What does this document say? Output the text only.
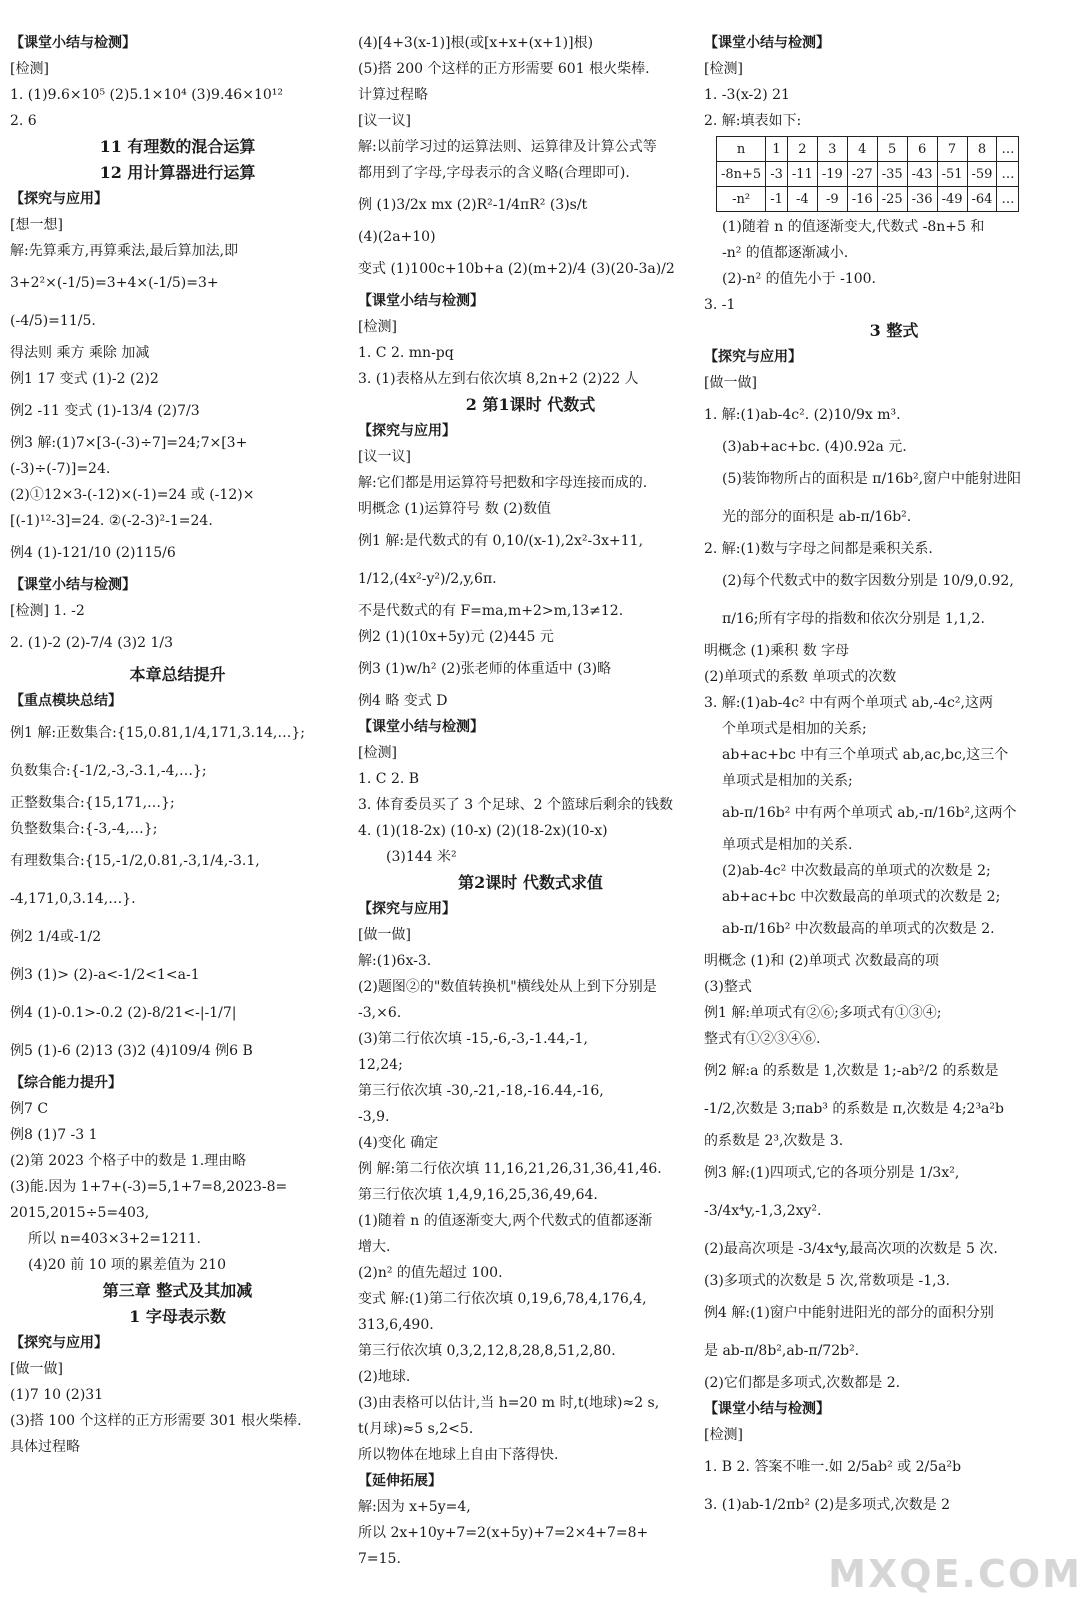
【课堂小结与检测】
[检测]
1. (1)9.6×10⁵ (2)5.1×10⁴ (3)9.46×10¹²
2. 6
11 有理数的混合运算
12 用计算器进行运算
【探究与应用】
[想一想]
解:先算乘方,再算乘法,最后算加法,即
3+2²×(-1/5)=3+4×(-1/5)=3+
(-4/5)=11/5.
得法则 乘方 乘除 加减
例1 17 变式 (1)-2 (2)2
例2 -11 变式 (1)-13/4 (2)7/3
例3 解:(1)7×[3-(-3)÷7]=24;7×[3+
(-3)÷(-7)]=24.
(2)①12×3-(-12)×(-1)=24 或 (-12)×
[(-1)¹²-3]=24. ②(-2-3)²-1=24.
例4 (1)-121/10 (2)115/6
【课堂小结与检测】
[检测] 1. -2
2. (1)-2 (2)-7/4 (3)2 1/3
本章总结提升
【重点模块总结】
例1 解:正数集合:{15,0.81,1/4,171,3.14,…};
负数集合:{-1/2,-3,-3.1,-4,…};
正整数集合:{15,171,…};
负整数集合:{-3,-4,…};
有理数集合:{15,-1/2,0.81,-3,1/4,-3.1,
-4,171,0,3.14,…}.
例2 1/4或-1/2
例3 (1)> (2)-a<-1/2<1<a-1
例4 (1)-0.1>-0.2 (2)-8/21<-|-1/7|
例5 (1)-6 (2)13 (3)2 (4)109/4 例6 B
【综合能力提升】
例7 C
例8 (1)7 -3 1
(2)第 2023 个格子中的数是 1.理由略
(3)能.因为 1+7+(-3)=5,1+7=8,2023-8=
2015,2015÷5=403,
所以 n=403×3+2=1211.
(4)20 前 10 项的累差值为 210
第三章 整式及其加减
1 字母表示数
【探究与应用】
[做一做]
(1)7 10 (2)31
(3)搭 100 个这样的正方形需要 301 根火柴棒.
具体过程略
(4)[4+3(x-1)]根(或[x+x+(x+1)]根)
(5)搭 200 个这样的正方形需要 601 根火柴棒.
计算过程略
[议一议]
解:以前学习过的运算法则、运算律及计算公式等
都用到了字母,字母表示的含义略(合理即可).
例 (1)3/2x mx (2)R²-1/4πR² (3)s/t
(4)(2a+10)
变式 (1)100c+10b+a (2)(m+2)/4 (3)(20-3a)/2
【课堂小结与检测】
[检测]
1. C 2. mn-pq
3. (1)表格从左到右依次填 8,2n+2 (2)22 人
2 第1课时 代数式
【探究与应用】
[议一议]
解:它们都是用运算符号把数和字母连接而成的.
明概念 (1)运算符号 数 (2)数值
例1 解:是代数式的有 0,10/(x-1),2x²-3x+11,
1/12,(4x²-y²)/2,y,6π.
不是代数式的有 F=ma,m+2>m,13≠12.
例2 (1)(10x+5y)元 (2)445 元
例3 (1)w/h² (2)张老师的体重适中 (3)略
例4 略 变式 D
【课堂小结与检测】
[检测]
1. C 2. B
3. 体育委员买了 3 个足球、2 个篮球后剩余的钱数
4. (1)(18-2x) (10-x) (2)(18-2x)(10-x)
(3)144 米²
第2课时 代数式求值
【探究与应用】
[做一做]
解:(1)6x-3.
(2)题图②的"数值转换机"横线处从上到下分别是
-3,×6.
(3)第二行依次填 -15,-6,-3,-1.44,-1,
12,24;
第三行依次填 -30,-21,-18,-16.44,-16,
-3,9.
(4)变化 确定
例 解:第二行依次填 11,16,21,26,31,36,41,46.
第三行依次填 1,4,9,16,25,36,49,64.
(1)随着 n 的值逐渐变大,两个代数式的值都逐渐
增大.
(2)n² 的值先超过 100.
变式 解:(1)第二行依次填 0,19,6,78,4,176,4,
313,6,490.
第三行依次填 0,3,2,12,8,28,8,51,2,80.
(2)地球.
(3)由表格可以估计,当 h=20 m 时,t(地球)≈2 s,
t(月球)≈5 s,2<5.
所以物体在地球上自由下落得快.
【延伸拓展】
解:因为 x+5y=4,
所以 2x+10y+7=2(x+5y)+7=2×4+7=8+
7=15.
【课堂小结与检测】
[检测]
1. -3(x-2) 21
2. 解:填表如下:
n	1	2	3	4	5	6	7	8	…
-8n+5	-3	-11	-19	-27	-35	-43	-51	-59	…
-n²	-1	-4	-9	-16	-25	-36	-49	-64	…
(1)随着 n 的值逐渐变大,代数式 -8n+5 和
-n² 的值都逐渐减小.
(2)-n² 的值先小于 -100.
3. -1
3 整式
【探究与应用】
[做一做]
1. 解:(1)ab-4c². (2)10/9x m³.
(3)ab+ac+bc. (4)0.92a 元.
(5)装饰物所占的面积是 π/16b²,窗户中能射进阳
光的部分的面积是 ab-π/16b².
2. 解:(1)数与字母之间都是乘积关系.
(2)每个代数式中的数字因数分别是 10/9,0.92,
π/16;所有字母的指数和依次分别是 1,1,2.
明概念 (1)乘积 数 字母
(2)单项式的系数 单项式的次数
3. 解:(1)ab-4c² 中有两个单项式 ab,-4c²,这两
个单项式是相加的关系;
ab+ac+bc 中有三个单项式 ab,ac,bc,这三个
单项式是相加的关系;
ab-π/16b² 中有两个单项式 ab,-π/16b²,这两个
单项式是相加的关系.
(2)ab-4c² 中次数最高的单项式的次数是 2;
ab+ac+bc 中次数最高的单项式的次数是 2;
ab-π/16b² 中次数最高的单项式的次数是 2.
明概念 (1)和 (2)单项式 次数最高的项
(3)整式
例1 解:单项式有②⑥;多项式有①③④;
整式有①②③④⑥.
例2 解:a 的系数是 1,次数是 1;-ab²/2 的系数是
-1/2,次数是 3;πab³ 的系数是 π,次数是 4;2³a²b
的系数是 2³,次数是 3.
例3 解:(1)四项式,它的各项分别是 1/3x²,
-3/4x⁴y,-1,3,2xy².
(2)最高次项是 -3/4x⁴y,最高次项的次数是 5 次.
(3)多项式的次数是 5 次,常数项是 -1,3.
例4 解:(1)窗户中能射进阳光的部分的面积分别
是 ab-π/8b²,ab-π/72b².
(2)它们都是多项式,次数都是 2.
【课堂小结与检测】
[检测]
1. B 2. 答案不唯一.如 2/5ab² 或 2/5a²b
3. (1)ab-1/2πb² (2)是多项式,次数是 2
MXQE.COM
